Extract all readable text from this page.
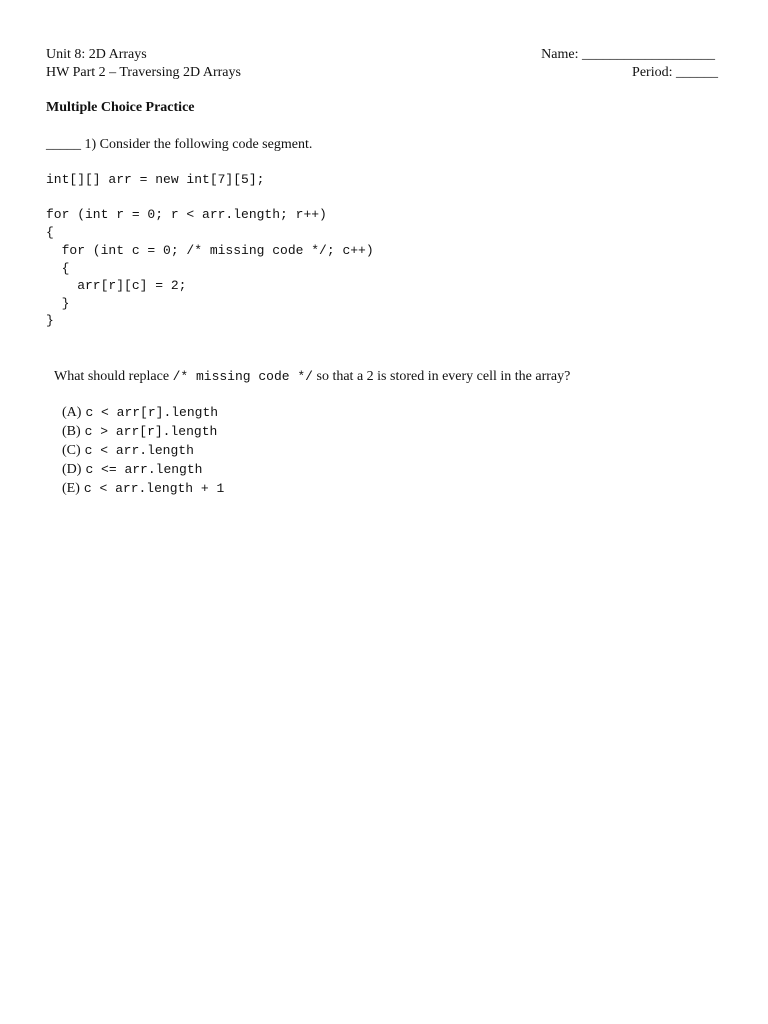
Unit 8: 2D Arrays
HW Part 2 – Traversing 2D Arrays
Name: ___________________
Period: ______
Multiple Choice Practice
_____ 1) Consider the following code segment.
int[][] arr = new int[7][5];
for (int r = 0; r < arr.length; r++)
{
for (int c = 0; /* missing code */; c++)
{
arr[r][c] = 2;
}
}

What should replace /* missing code */ so that a 2 is stored in every cell in the array?

(A) c < arr[r].length

(B) c > arr[r].length

(C) c < arr.length

(D) c <= arr.length

(E) c < arr.length + 1
